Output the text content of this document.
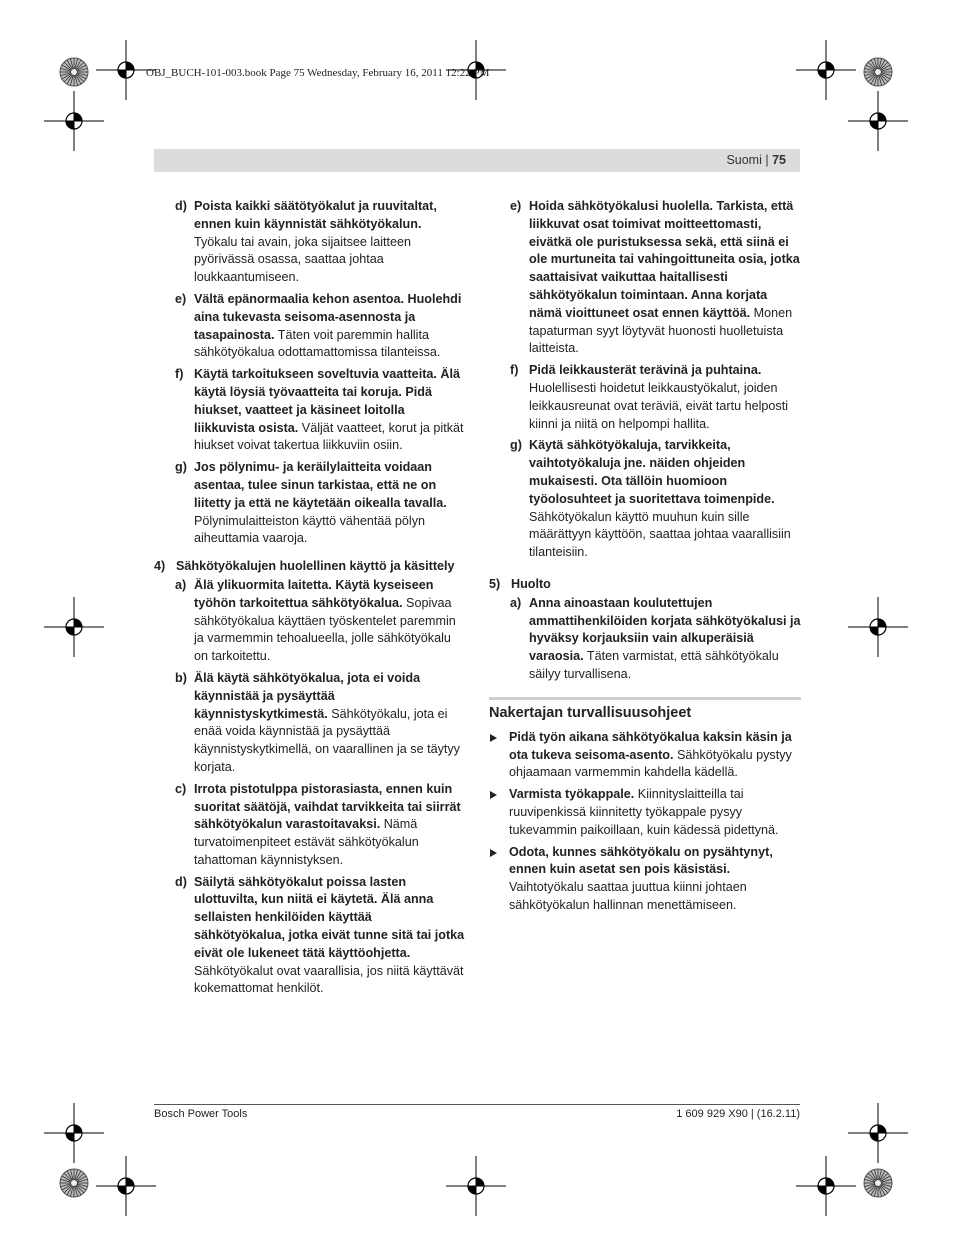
OBJ_BUCH-101-003.book Page 75 Wednesday, February 16, 2011 12:22 PM
Suomi | 75
d) Poista kaikki säätötyökalut ja ruuvitaltat, ennen kuin käynnistät sähkötyökalun. Työkalu tai avain, joka sijaitsee laitteen pyörivässä osassa, saattaa johtaa loukkaantumiseen.
e) Vältä epänormaalia kehon asentoa. Huolehdi aina tukevasta seisoma-asennosta ja tasapainosta. Täten voit paremmin hallita sähkötyökalua odottamattomissa tilanteissa.
f) Käytä tarkoitukseen soveltuvia vaatteita. Älä käytä löysiä työvaatteita tai koruja. Pidä hiukset, vaatteet ja käsineet loitolla liikkuvista osista. Väljät vaatteet, korut ja pitkät hiukset voivat takertua liikkuviin osiin.
g) Jos pölynimu- ja keräilylaitteita voidaan asentaa, tulee sinun tarkistaa, että ne on liitetty ja että ne käytetään oikealla tavalla. Pölynimulaitteiston käyttö vähentää pölyn aiheuttamia vaaroja.
4) Sähkötyökalujen huolellinen käyttö ja käsittely
a) Älä ylikuormita laitetta. Käytä kyseiseen työhön tarkoitettua sähkötyökalua. Sopivaa sähkötyökalua käyttäen työskentelet paremmin ja varmemmin tehoalueella, jolle sähkötyökalu on tarkoitettu.
b) Älä käytä sähkötyökalua, jota ei voida käynnistää ja pysäyttää käynnistyskytkimestä. Sähkötyökalu, jota ei enää voida käynnistää ja pysäyttää käynnistyskytkimellä, on vaarallinen ja se täytyy korjata.
c) Irrota pistotulppa pistorasiasta, ennen kuin suoritat säätöjä, vaihdat tarvikkeita tai siirrät sähkötyökalun varastoitavaksi. Nämä turvatoimenpiteet estävät sähkötyökalun tahattoman käynnistyksen.
d) Säilytä sähkötyökalut poissa lasten ulottuvilta, kun niitä ei käytetä. Älä anna sellaisten henkilöiden käyttää sähkötyökalua, jotka eivät tunne sitä tai jotka eivät ole lukeneet tätä käyttöohjetta. Sähkötyökalut ovat vaarallisia, jos niitä käyttävät kokemattomat henkilöt.
e) Hoida sähkötyökalusi huolella. Tarkista, että liikkuvat osat toimivat moitteettomasti, eivätkä ole puristuksessa sekä, että siinä ei ole murtuneita tai vahingoittuneita osia, jotka saattaisivat vaikuttaa haitallisesti sähkötyökalun toimintaan. Anna korjata nämä vioittuneet osat ennen käyttöä. Monen tapaturman syyt löytyvät huonosti huolletuista laitteista.
f) Pidä leikkausterät terävinä ja puhtaina. Huolellisesti hoidetut leikkaustyökalut, joiden leikkausreunat ovat teräviä, eivät tartu helposti kiinni ja niitä on helpompi hallita.
g) Käytä sähkötyökaluja, tarvikkeita, vaihtotyökaluja jne. näiden ohjeiden mukaisesti. Ota tällöin huomioon työolosuhteet ja suoritettava toimenpide. Sähkötyökalun käyttö muuhun kuin sille määrättyyn käyttöön, saattaa johtaa vaarallisiin tilanteisiin.
5) Huolto
a) Anna ainoastaan koulutettujen ammattihenkilöiden korjata sähkötyökalusi ja hyväksy korjauksiin vain alkuperäisiä varaosia. Täten varmistat, että sähkötyökalu säilyy turvallisena.
Nakertajan turvallisuusohjeet
Pidä työn aikana sähkötyökalua kaksin käsin ja ota tukeva seisoma-asento. Sähkötyökalu pystyy ohjaamaan varmemmin kahdella kädellä.
Varmista työkappale. Kiinnityslaitteilla tai ruuvipenkissä kiinnitetty työkappale pysyy tukevammin paikoillaan, kuin kädessä pidettynä.
Odota, kunnes sähkötyökalu on pysähtynyt, ennen kuin asetat sen pois käsistäsi. Vaihtotyökalu saattaa juuttua kiinni johtaen sähkötyökalun hallinnan menettämiseen.
Bosch Power Tools	1 609 929 X90 | (16.2.11)
